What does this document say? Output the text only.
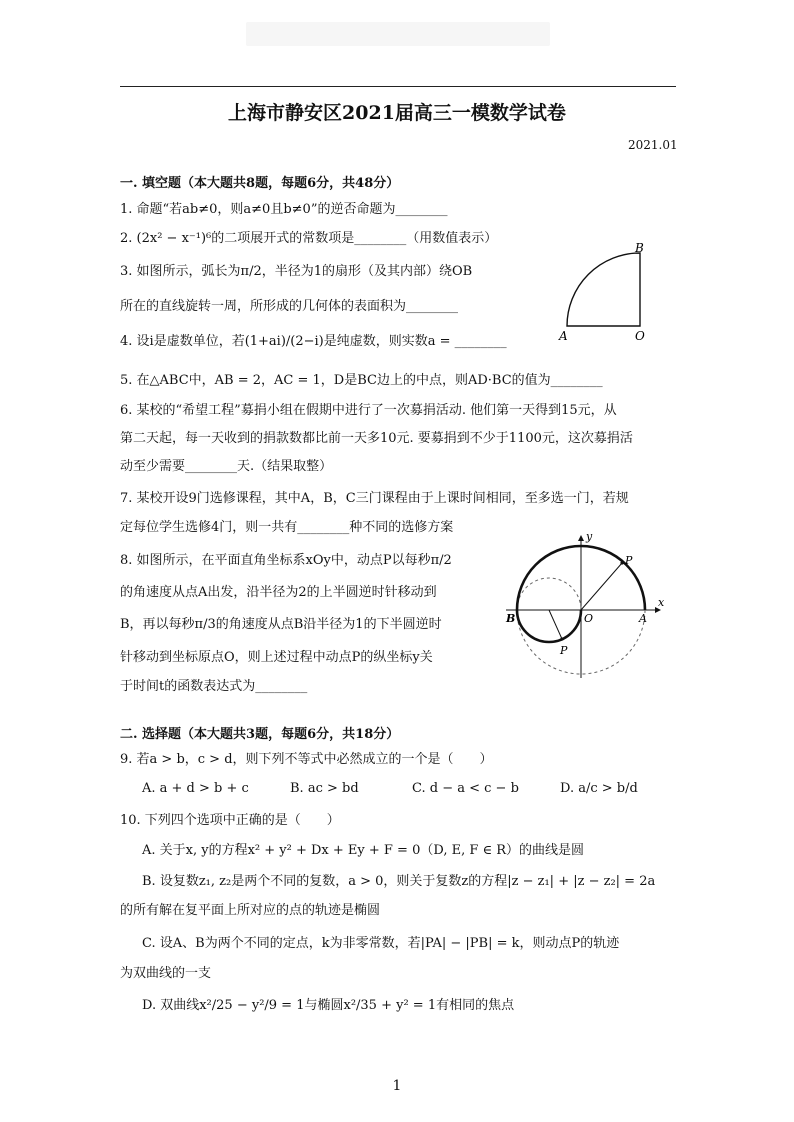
上海市静安区2021届高三一模数学试卷
2021.01
一. 填空题（本大题共8题，每题6分，共48分）
1. 命题“若ab≠0，则a≠0且b≠0”的逆否命题为________
2. (2x² − x⁻¹)⁶的二项展开式的常数项是________（用数值表示）
3. 如图所示，弧长为π/2，半径为1的扇形（及其内部）绕OB
所在的直线旋转一周，所形成的几何体的表面积为________
4. 设i是虚数单位，若(1+ai)/(2−i)是纯虚数，则实数a = ________
5. 在△ABC中，AB = 2，AC = 1，D是BC边上的中点，则AD·BC的值为________
6. 某校的“希望工程”募捐小组在假期中进行了一次募捐活动. 他们第一天得到15元，从
第二天起，每一天收到的捐款数都比前一天多10元. 要募捐到不少于1100元，这次募捐活
动至少需要________天.（结果取整）
7. 某校开设9门选修课程，其中A，B，C三门课程由于上课时间相同，至多选一门，若规
定每位学生选修4门，则一共有________种不同的选修方案
8. 如图所示，在平面直角坐标系xOy中，动点P以每秒π/2
的角速度从点A出发，沿半径为2的上半圆逆时针移动到
B，再以每秒π/3的角速度从点B沿半径为1的下半圆逆时
针移动到坐标原点O，则上述过程中动点P的纵坐标y关
于时间t的函数表达式为________
二. 选择题（本大题共3题，每题6分，共18分）
9. 若a > b，c > d，则下列不等式中必然成立的一个是（　　）
A. a + d > b + c	B. ac > bd	C. d − a < c − b	D. a/c > b/d
10. 下列四个选项中正确的是（　　）
A. 关于x, y的方程x² + y² + Dx + Ey + F = 0（D, E, F ∈ R）的曲线是圆
B. 设复数z₁, z₂是两个不同的复数，a > 0，则关于复数z的方程|z − z₁| + |z − z₂| = 2a
的所有解在复平面上所对应的点的轨迹是椭圆
C. 设A、B为两个不同的定点，k为非零常数，若|PA| − |PB| = k，则动点P的轨迹
为双曲线的一支
D. 双曲线x²/25 − y²/9 = 1与椭圆x²/35 + y² = 1有相同的焦点
B
A	O
y
x
P
P
B	O	A
1
